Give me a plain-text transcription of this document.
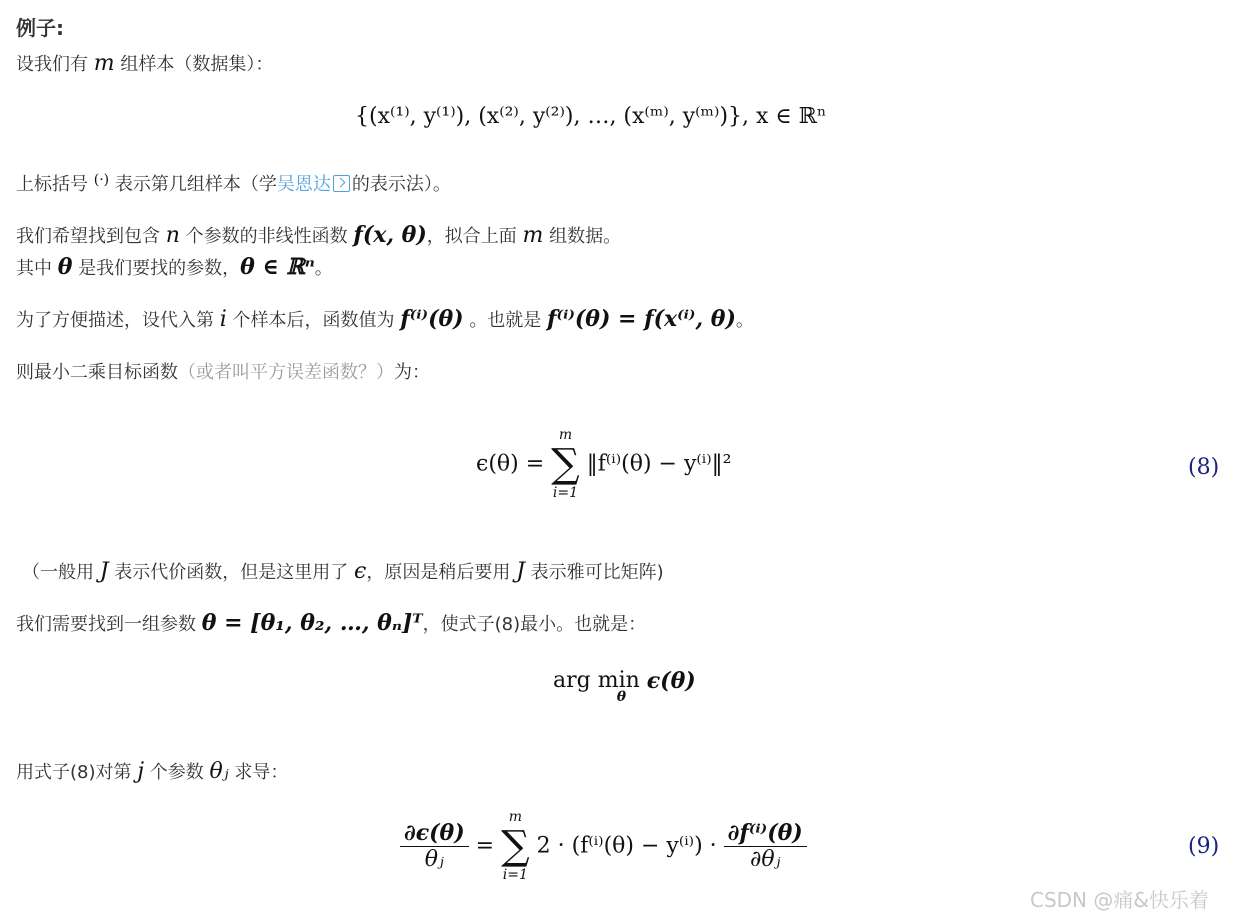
例子:
设我们有 m 组样本（数据集）：
{(x⁽¹⁾, y⁽¹⁾), (x⁽²⁾, y⁽²⁾), …, (x⁽ᵐ⁾, y⁽ᵐ⁾)}, x ∈ ℝⁿ
上标括号 (·) 表示第几组样本（学吴恩达 的表示法）。
我们希望找到包含 n 个参数的非线性函数 f(x, θ)，拟合上面 m 组数据。
其中 θ 是我们要找的参数，θ ∈ ℝⁿ。
为了方便描述，设代入第 i 个样本后，函数值为 f⁽ⁱ⁾(θ) 。也就是 f⁽ⁱ⁾(θ) = f(x⁽ⁱ⁾, θ)。
则最小二乘目标函数（或者叫平方误差函数？）为：
ϵ(θ) =
m
∑
i=1
‖f⁽ⁱ⁾(θ) − y⁽ⁱ⁾‖²	(8)
（一般用 J 表示代价函数，但是这里用了 ϵ，原因是稍后要用 J 表示雅可比矩阵)
我们需要找到一组参数 θ = [θ₁, θ₂, …, θₙ]ᵀ，使式子(8)最小。也就是：
arg min
θ
ϵ(θ)
用式子(8)对第 j 个参数 θⱼ 求导：
$\frac{\partial\epsilon(\theta)}{\text{θⱼ}}$ =
m
∑
i=1
$2 \cdot (f^{(i)}(\theta) - y^{(i)}) \cdot \frac{\text{∂f⁽ⁱ⁾(θ)}}{\text{∂θⱼ}}$	(9)
CSDN @痛&快乐着
